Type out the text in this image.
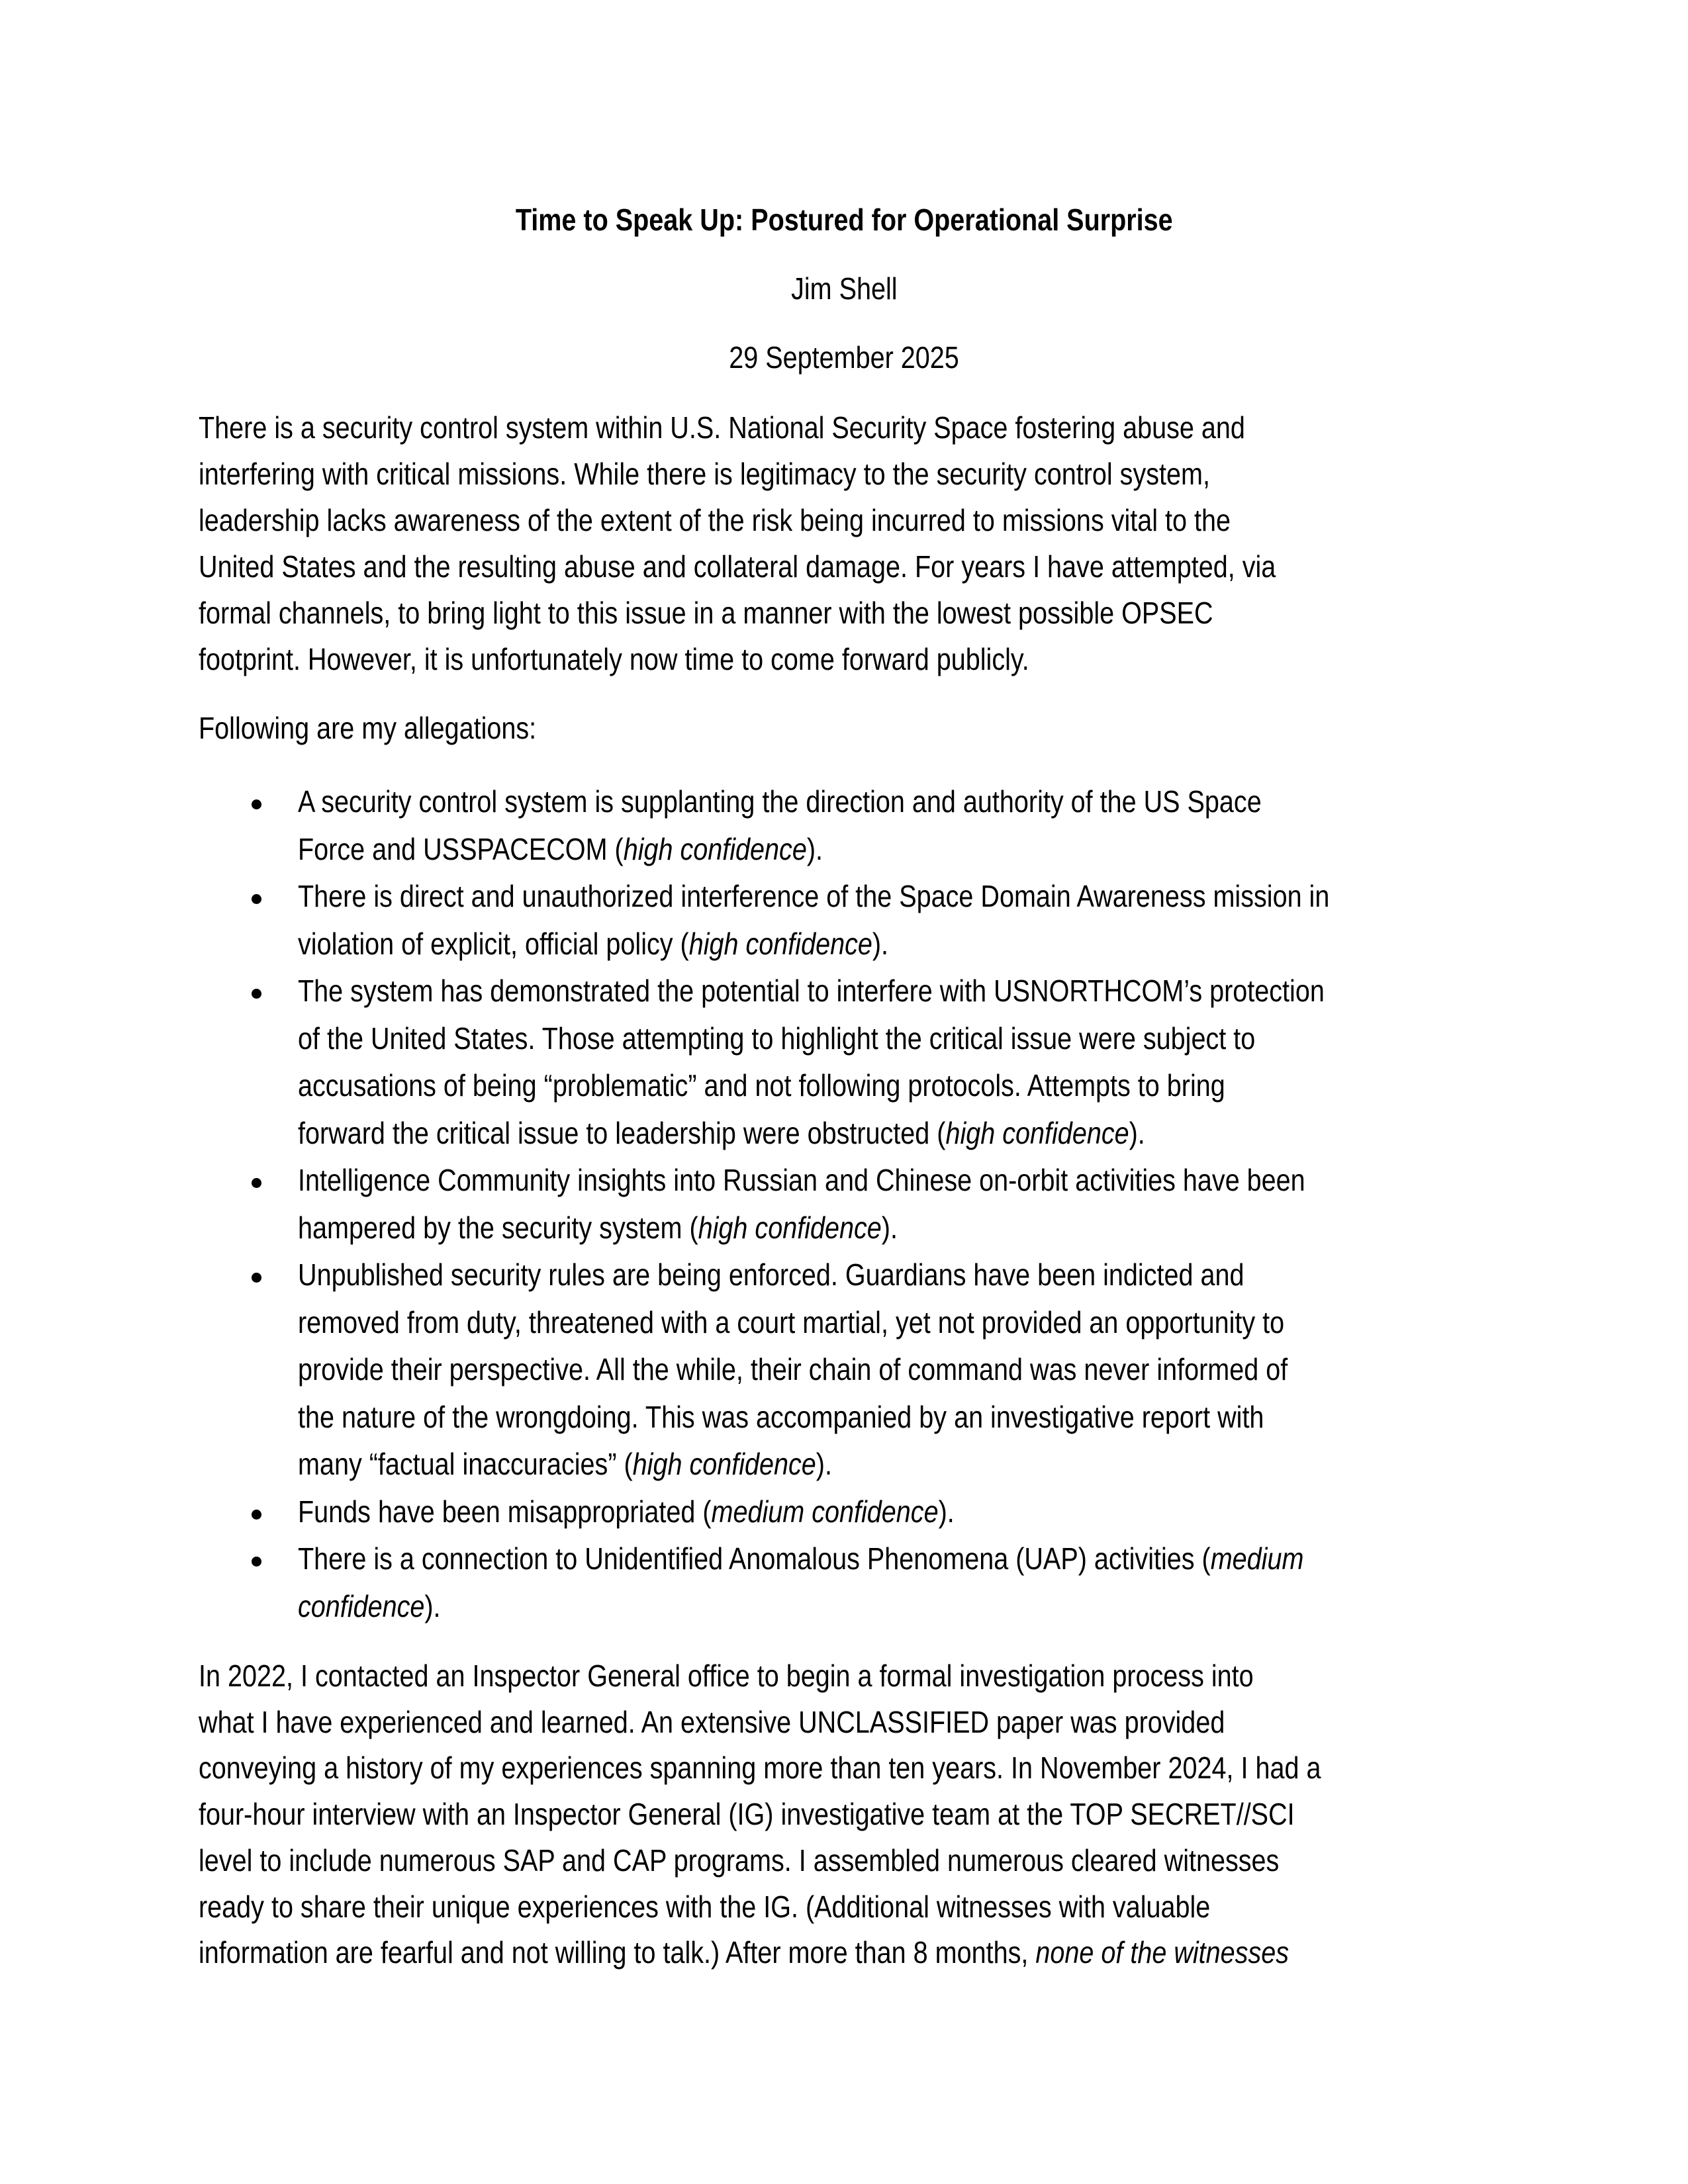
Time to Speak Up: Postured for Operational Surprise
Jim Shell
29 September 2025
There is a security control system within U.S. National Security Space fostering abuse and
interfering with critical missions. While there is legitimacy to the security control system,
leadership lacks awareness of the extent of the risk being incurred to missions vital to the
United States and the resulting abuse and collateral damage. For years I have attempted, via
formal channels, to bring light to this issue in a manner with the lowest possible OPSEC
footprint. However, it is unfortunately now time to come forward publicly.
Following are my allegations:
A security control system is supplanting the direction and authority of the US Space
Force and USSPACECOM (high confidence).
There is direct and unauthorized interference of the Space Domain Awareness mission in
violation of explicit, official policy (high confidence).
The system has demonstrated the potential to interfere with USNORTHCOM’s protection
of the United States. Those attempting to highlight the critical issue were subject to
accusations of being “problematic” and not following protocols. Attempts to bring
forward the critical issue to leadership were obstructed (high confidence).
Intelligence Community insights into Russian and Chinese on-orbit activities have been
hampered by the security system (high confidence).
Unpublished security rules are being enforced. Guardians have been indicted and
removed from duty, threatened with a court martial, yet not provided an opportunity to
provide their perspective. All the while, their chain of command was never informed of
the nature of the wrongdoing. This was accompanied by an investigative report with
many “factual inaccuracies” (high confidence).
Funds have been misappropriated (medium confidence).
There is a connection to Unidentified Anomalous Phenomena (UAP) activities (medium
confidence).
In 2022, I contacted an Inspector General office to begin a formal investigation process into
what I have experienced and learned. An extensive UNCLASSIFIED paper was provided
conveying a history of my experiences spanning more than ten years. In November 2024, I had a
four-hour interview with an Inspector General (IG) investigative team at the TOP SECRET//SCI
level to include numerous SAP and CAP programs. I assembled numerous cleared witnesses
ready to share their unique experiences with the IG. (Additional witnesses with valuable
information are fearful and not willing to talk.) After more than 8 months, none of the witnesses
